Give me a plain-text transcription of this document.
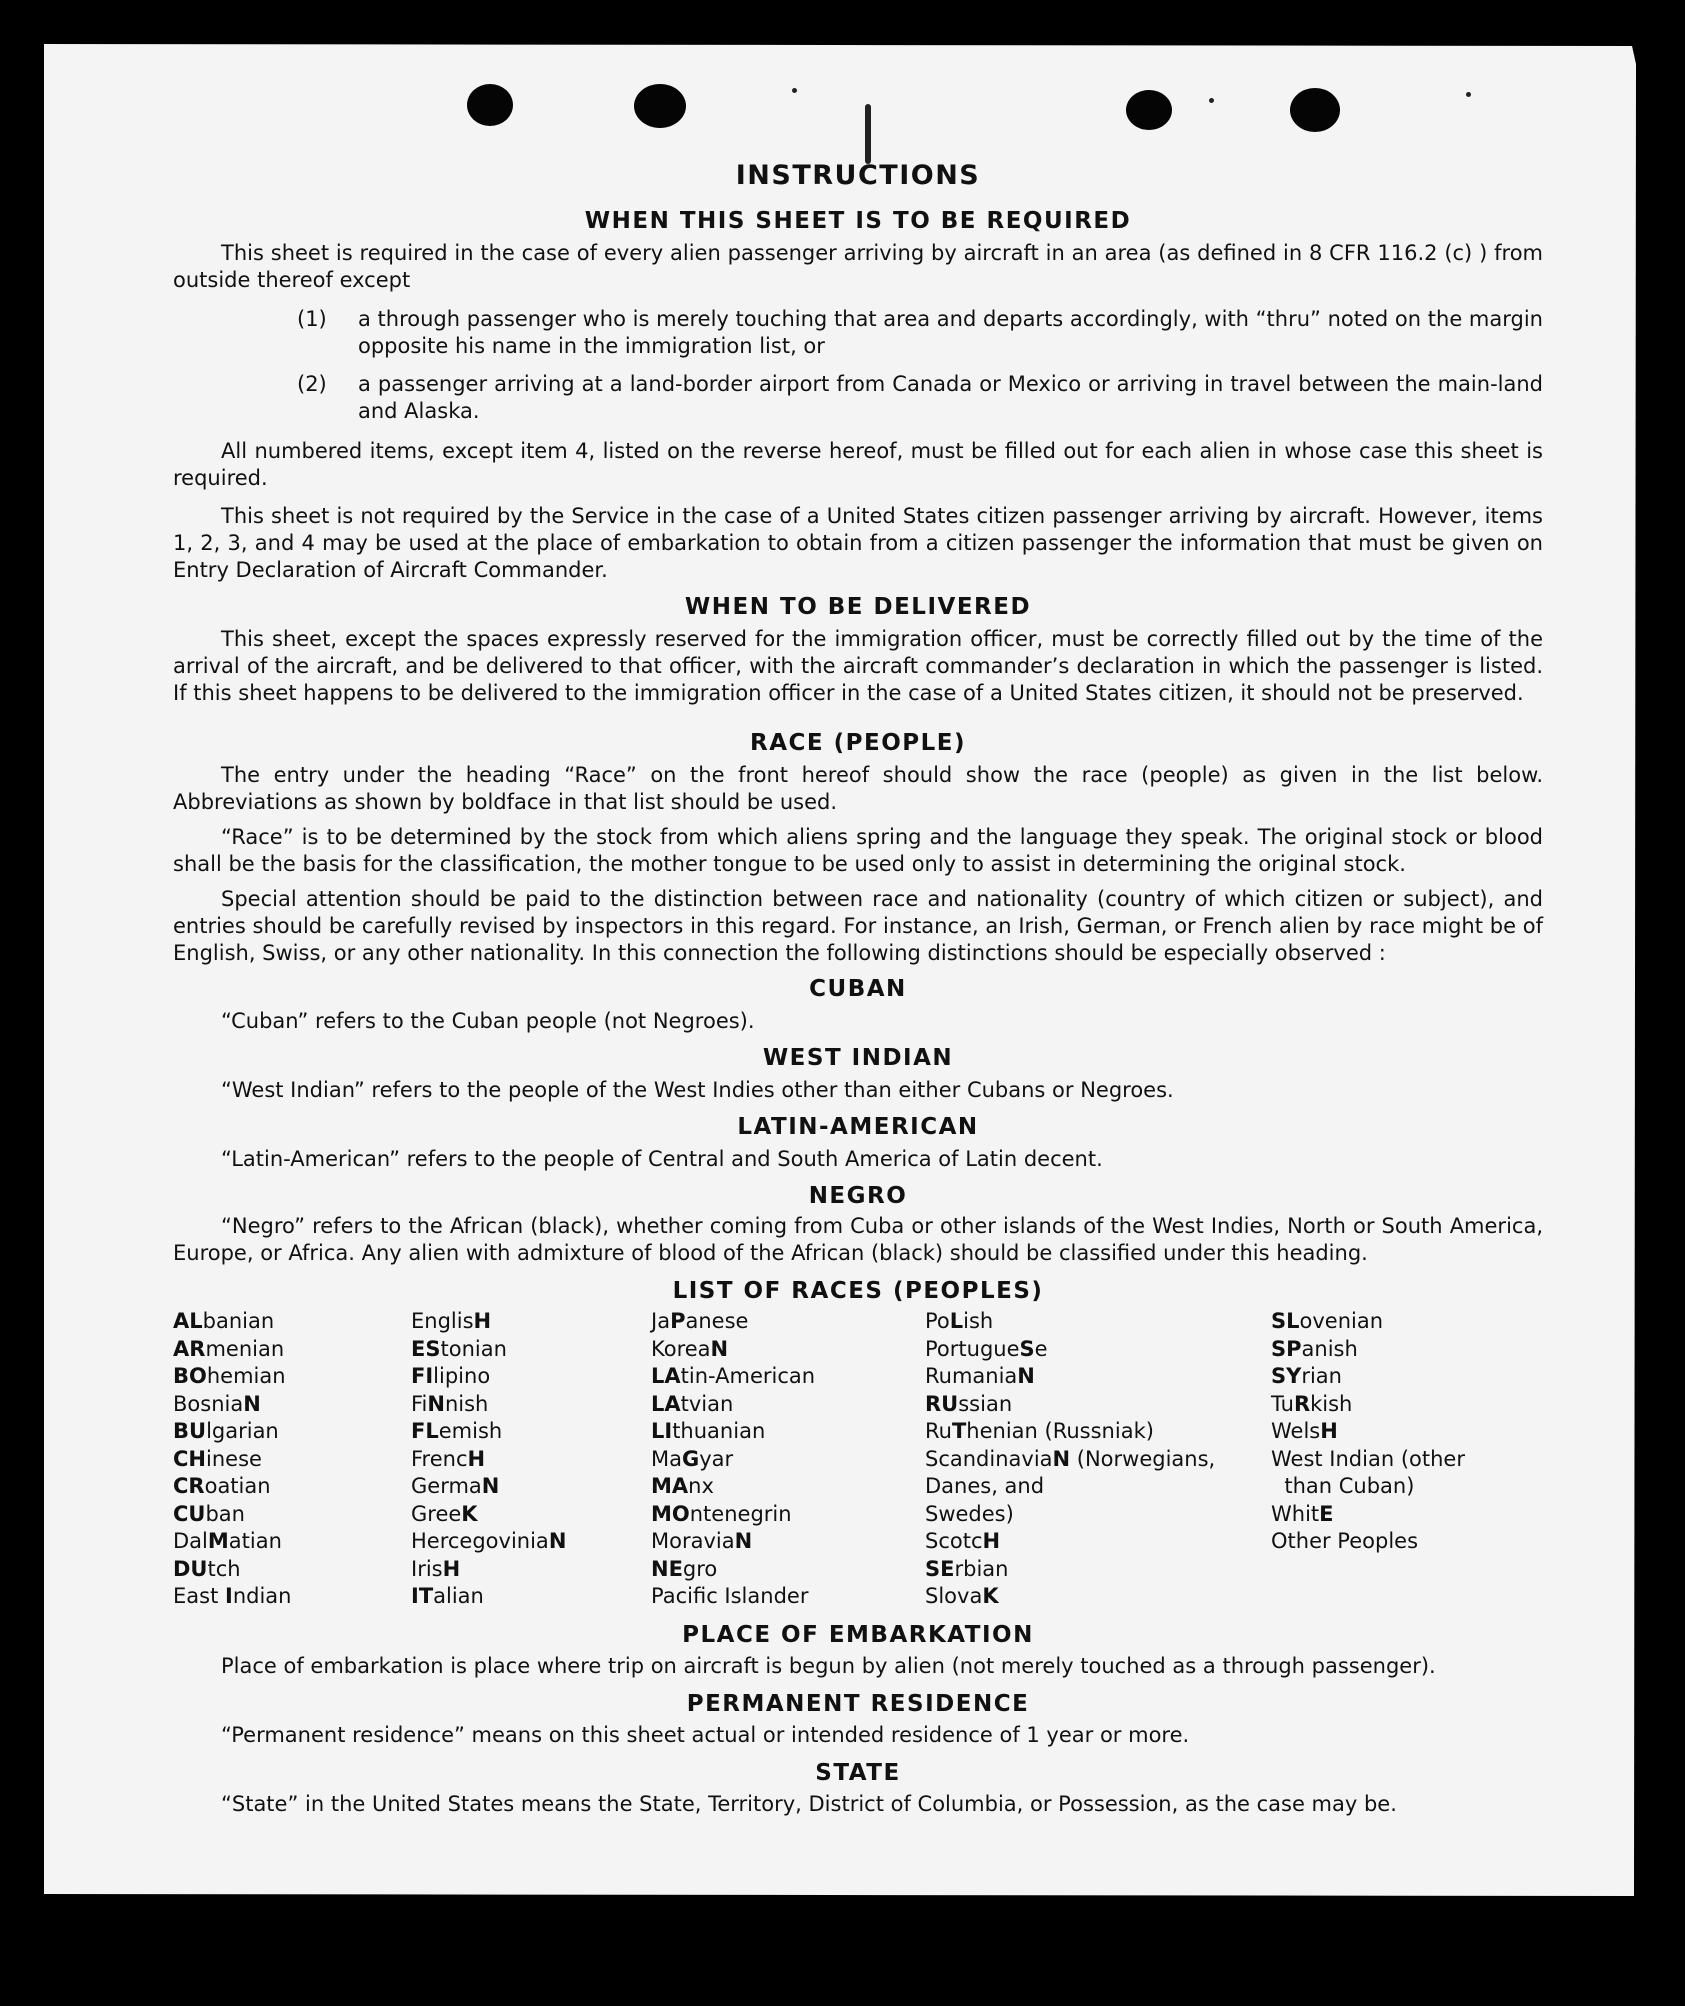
INSTRUCTIONS
WHEN THIS SHEET IS TO BE REQUIRED
This sheet is required in the case of every alien passenger arriving by aircraft in an area (as defined in 8 CFR 116.2 (c) ) from outside thereof except
(1) a through passenger who is merely touching that area and departs accordingly, with “thru” noted on the margin opposite his name in the immigration list, or
(2) a passenger arriving at a land-border airport from Canada or Mexico or arriving in travel between the main-land and Alaska.
All numbered items, except item 4, listed on the reverse hereof, must be filled out for each alien in whose case this sheet is required.
This sheet is not required by the Service in the case of a United States citizen passenger arriving by aircraft. However, items 1, 2, 3, and 4 may be used at the place of embarkation to obtain from a citizen passenger the information that must be given on Entry Declaration of Aircraft Commander.
WHEN TO BE DELIVERED
This sheet, except the spaces expressly reserved for the immigration officer, must be correctly filled out by the time of the arrival of the aircraft, and be delivered to that officer, with the aircraft commander’s declaration in which the passenger is listed. If this sheet happens to be delivered to the immigration officer in the case of a United States citizen, it should not be preserved.
RACE (PEOPLE)
The entry under the heading “Race” on the front hereof should show the race (people) as given in the list below. Abbreviations as shown by boldface in that list should be used.
“Race” is to be determined by the stock from which aliens spring and the language they speak. The original stock or blood shall be the basis for the classification, the mother tongue to be used only to assist in determining the original stock.
Special attention should be paid to the distinction between race and nationality (country of which citizen or subject), and entries should be carefully revised by inspectors in this regard. For instance, an Irish, German, or French alien by race might be of English, Swiss, or any other nationality. In this connection the following distinctions should be especially observed :
CUBAN
“Cuban” refers to the Cuban people (not Negroes).
WEST INDIAN
“West Indian” refers to the people of the West Indies other than either Cubans or Negroes.
LATIN-AMERICAN
“Latin-American” refers to the people of Central and South America of Latin decent.
NEGRO
“Negro” refers to the African (black), whether coming from Cuba or other islands of the West Indies, North or South America, Europe, or Africa. Any alien with admixture of blood of the African (black) should be classified under this heading.
LIST OF RACES (PEOPLES)
ALbanian
ARmenian
BOhemian
BosniaN
BUlgarian
CHinese
CRoatian
CUban
DalMatian
DUtch
East Indian
EnglisH
EStonian
FIlipino
FiNnish
FLemish
FrencH
GermaN
GreeK
HercegoviniaN
IrisH
ITalian
JaPanese
KoreaN
LAtin-American
LAtvian
LIthuanian
MaGyar
MAnx
MOntenegrin
MoraviaN
NEgro
Pacific Islander
PoLish
PortugueSe
RumaniaN
RUssian
RuThenian (Russniak)
ScandinaviaN (Norwegians,
Danes, and
Swedes)
ScotcH
SErbian
SlovaK
SLovenian
SPanish
SYrian
TuRkish
WelsH
West Indian (other
than Cuban)
WhitE
Other Peoples
PLACE OF EMBARKATION
Place of embarkation is place where trip on aircraft is begun by alien (not merely touched as a through passenger).
PERMANENT RESIDENCE
“Permanent residence” means on this sheet actual or intended residence of 1 year or more.
STATE
“State” in the United States means the State, Territory, District of Columbia, or Possession, as the case may be.
